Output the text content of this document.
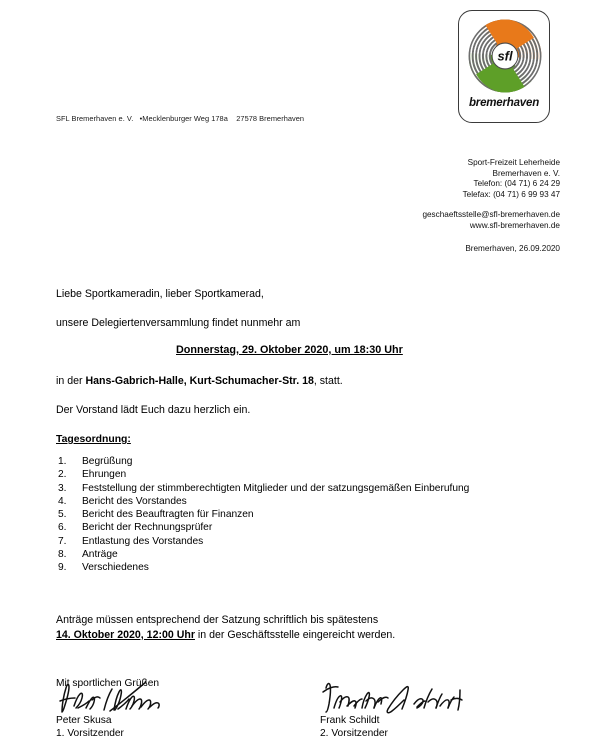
sfl
bremerhaven
SFL Bremerhaven e. V.   •Mecklenburger Weg 178a    27578 Bremerhaven
Sport-Freizeit Leherheide
Bremerhaven e. V.
Telefon: (04 71) 6 24 29
Telefax: (04 71) 6 99 93 47
geschaeftsstelle@sfl-bremerhaven.de
www.sfl-bremerhaven.de
Bremerhaven, 26.09.2020

Liebe Sportkameradin, lieber Sportkamerad,

unsere Delegiertenversammlung findet nunmehr am

Donnerstag, 29. Oktober 2020, um 18:30 Uhr

in der Hans-Gabrich-Halle, Kurt-Schumacher-Str. 18, statt.

Der Vorstand lädt Euch dazu herzlich ein.

Tagesordnung:

1.	Begrüßung
2.	Ehrungen
3.	Feststellung der stimmberechtigten Mitglieder und der satzungsgemäßen Einberufung
4.	Bericht des Vorstandes
5.	Bericht des Beauftragten für Finanzen
6.	Bericht der Rechnungsprüfer
7.	Entlastung des Vorstandes
8.	Anträge
9.	Verschiedenes

Anträge müssen entsprechend der Satzung schriftlich bis spätestens
14. Oktober 2020, 12:00 Uhr in der Geschäftsstelle eingereicht werden.

Mit sportlichen Grüßen

Peter Skusa
1. Vorsitzender
Frank Schildt
2. Vorsitzender
